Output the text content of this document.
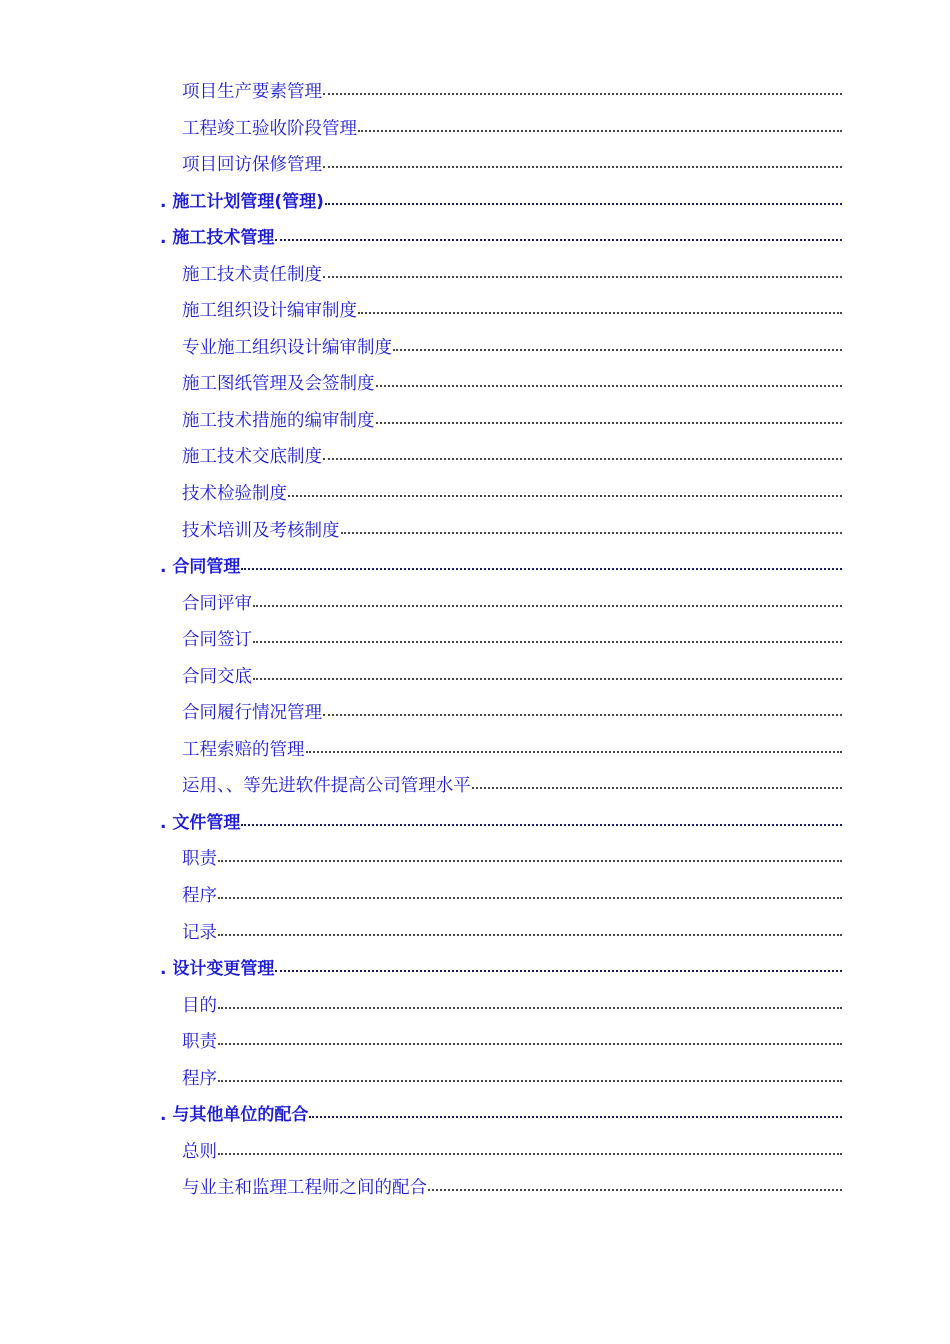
项目生产要素管理
工程竣工验收阶段管理
项目回访保修管理
. 施工计划管理(管理)
. 施工技术管理
施工技术责任制度
施工组织设计编审制度
专业施工组织设计编审制度
施工图纸管理及会签制度
施工技术措施的编审制度
施工技术交底制度
技术检验制度
技术培训及考核制度
. 合同管理
合同评审
合同签订
合同交底
合同履行情况管理
工程索赔的管理
运用、、等先进软件提高公司管理水平
. 文件管理
职责
程序
记录
. 设计变更管理
目的
职责
程序
. 与其他单位的配合
总则
与业主和监理工程师之间的配合
